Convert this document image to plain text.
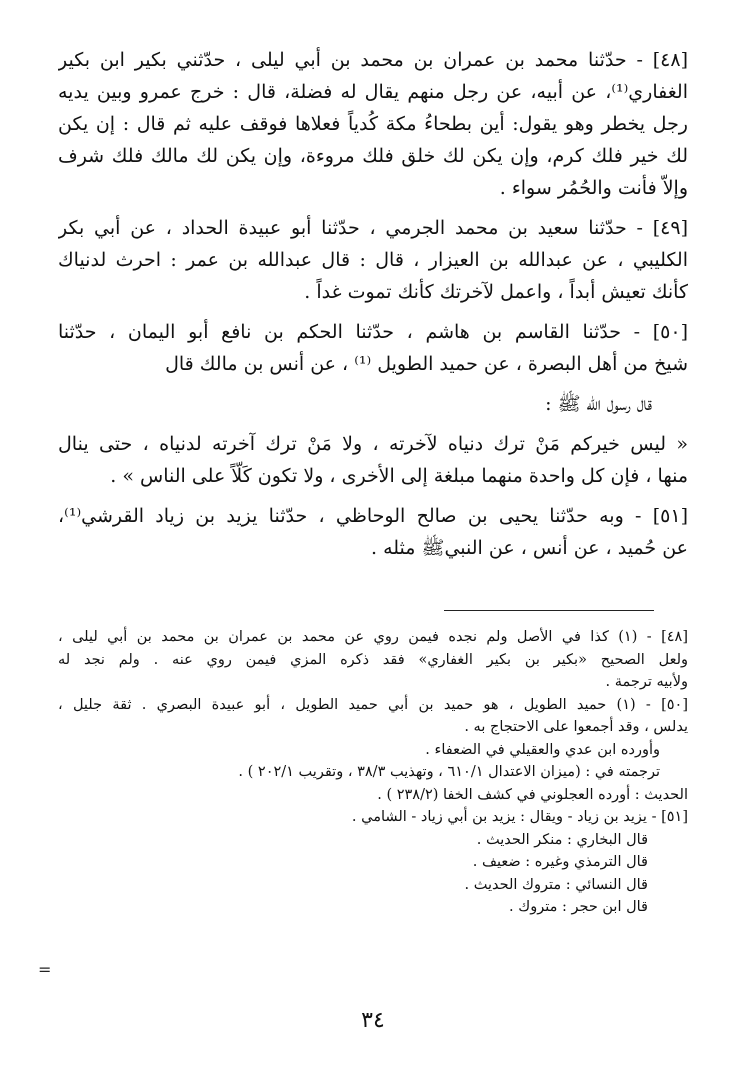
[٤٨] - حدّثنا محمد بن عمران بن محمد بن أبي ليلى ، حدّثني بكير ابن بكير
الغفاري⁽¹⁾، عن أبيه، عن رجل منهم يقال له فضلة، قال : خرج عمرو وبين يديه
رجل يخطر وهو يقول: أين بطحاءُ مكة كُدياً فعلاها فوقف عليه ثم قال : إن يكن
لك خير فلك كرم، وإن يكن لك خلق فلك مروءة، وإن يكن لك مالك فلك شرف
وإلاّ فأنت والحُمُر سواء .

[٤٩] - حدّثنا سعيد بن محمد الجرمي ، حدّثنا أبو عبيدة الحداد ، عن أبي بكر
الكليبي ، عن عبدالله بن العيزار ، قال : قال عبدالله بن عمر : احرث لدنياك
كأنك تعيش أبداً ، واعمل لآخرتك كأنك تموت غداً .

[٥٠] - حدّثنا القاسم بن هاشم ، حدّثنا الحكم بن نافع أبو اليمان ، حدّثنا
شيخ من أهل البصرة ، عن حميد الطويل ⁽¹⁾ ، عن أنس بن مالك قال

قال رسول الله ﷺ :

« ليس خيركم مَنْ ترك دنياه لآخرته ، ولا مَنْ ترك آخرته لدنياه ، حتى ينال
منها ، فإن كل واحدة منهما مبلغة إلى الأخرى ، ولا تكون كَلّاً على الناس » .

[٥١] - وبه حدّثنا يحيى بن صالح الوحاظي ، حدّثنا يزيد بن زياد القرشي⁽¹⁾،
عن حُميد ، عن أنس ، عن النبيﷺ مثله .

[٤٨] - (١) كذا في الأصل ولم نجده فيمن روي عن محمد بن عمران بن محمد بن أبي ليلى ،
ولعل الصحيح «بكير بن بكير الغفاري» فقد ذكره المزي فيمن روي عنه . ولم نجد له
ولأبيه ترجمة .
[٥٠] - (١) حميد الطويل ، هو حميد بن أبي حميد الطويل ، أبو عبيدة البصري . ثقة جليل ،
يدلس ، وقد أجمعوا على الاحتجاج به .
وأورده ابن عدي والعقيلي في الضعفاء .
ترجمته في : (ميزان الاعتدال ٦١٠/١ ، وتهذيب ٣٨/٣ ، وتقريب ٢٠٢/١ ) .
الحديث : أورده العجلوني في كشف الخفا (٢٣٨/٢ ) .
[٥١] - يزيد بن زياد - ويقال : يزيد بن أبي زياد - الشامي .
قال البخاري : منكر الحديث .
قال الترمذي وغيره : ضعيف .
قال النسائي : متروك الحديث .
قال ابن حجر : متروك .
=
٣٤
